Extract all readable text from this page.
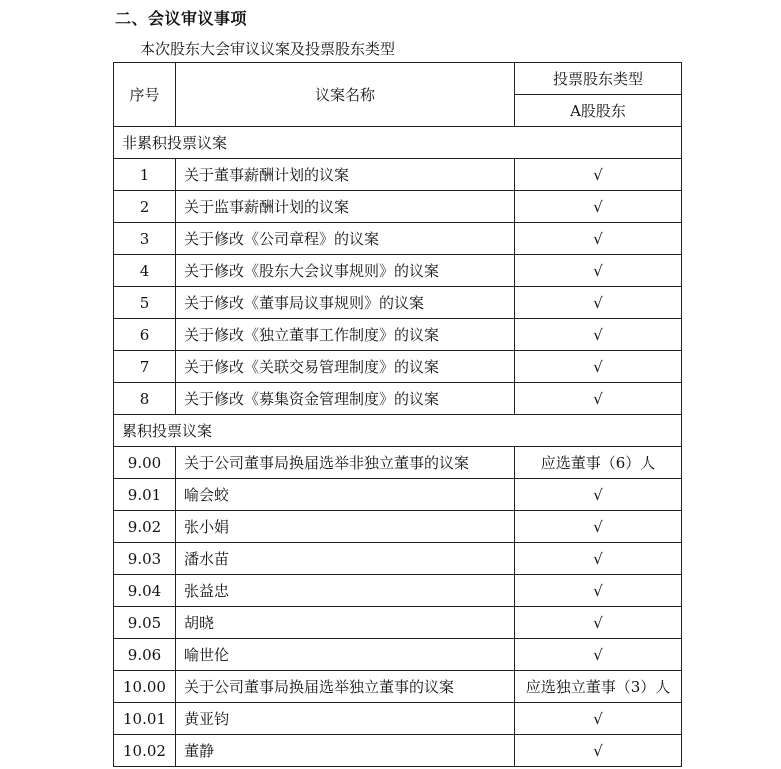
二、会议审议事项
本次股东大会审议议案及投票股东类型
序号	议案名称	投票股东类型
		A股股东
非累积投票议案		
1	关于董事薪酬计划的议案	√
2	关于监事薪酬计划的议案	√
3	关于修改《公司章程》的议案	√
4	关于修改《股东大会议事规则》的议案	√
5	关于修改《董事局议事规则》的议案	√
6	关于修改《独立董事工作制度》的议案	√
7	关于修改《关联交易管理制度》的议案	√
8	关于修改《募集资金管理制度》的议案	√
累积投票议案		
9.00	关于公司董事局换届选举非独立董事的议案	应选董事（6）人
9.01	喻会蛟	√
9.02	张小娟	√
9.03	潘水苗	√
9.04	张益忠	√
9.05	胡晓	√
9.06	喻世伦	√
10.00	关于公司董事局换届选举独立董事的议案	应选独立董事（3）人
10.01	黄亚钧	√
10.02	董静	√
